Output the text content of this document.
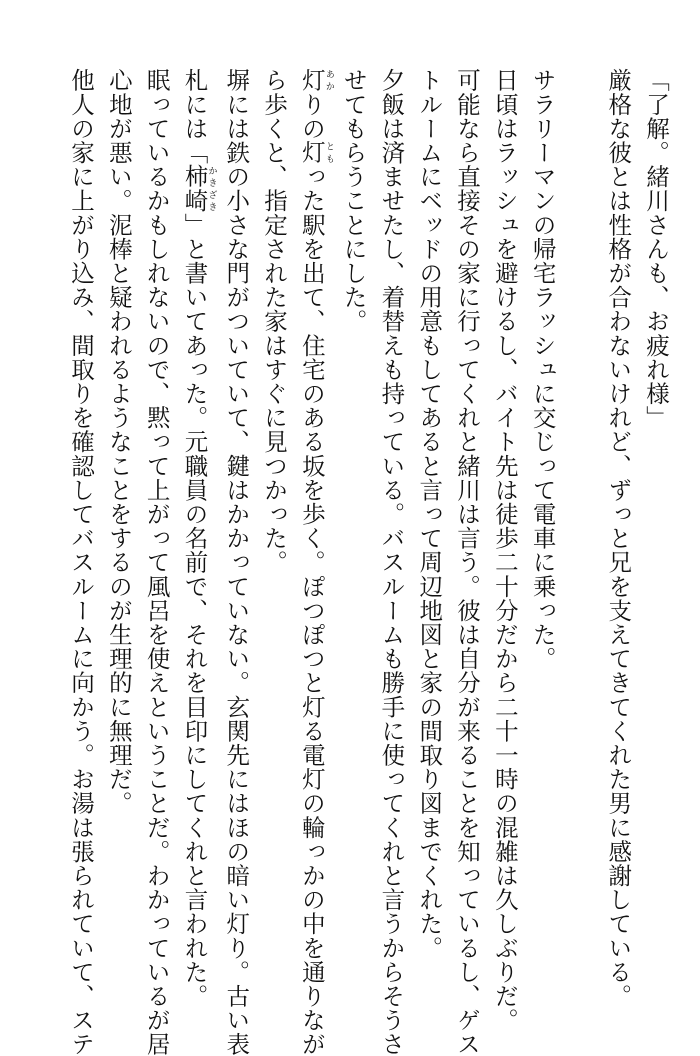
「了解。緒川さんも、お疲れ様」
厳格な彼とは性格が合わないけれど、ずっと兄を支えてきてくれた男に感謝している。
サラリーマンの帰宅ラッシュに交じって電車に乗った。
日頃はラッシュを避けるし、バイト先は徒歩二十分だから二十一時の混雑は久しぶりだ。
可能なら直接その家に行ってくれと緒川は言う。彼は自分が来ることを知っているし、ゲス
トルームにベッドの用意もしてあると言って周辺地図と家の間取り図までくれた。
夕飯は済ませたし、着替えも持っている。バスルームも勝手に使ってくれと言うからそうさ
せてもらうことにした。
灯あかりの灯ともった駅を出て、住宅のある坂を歩く。ぽつぽつと灯る電灯の輪っかの中を通りなが
ら歩くと、指定された家はすぐに見つかった。
塀には鉄の小さな門がついていて、鍵はかかっていない。玄関先にはほの暗い灯り。古い表
札には「柿崎かきざき」と書いてあった。元職員の名前で、それを目印にしてくれと言われた。
眠っているかもしれないので、黙って上がって風呂を使えということだ。わかっているが居
心地が悪い。泥棒と疑われるようなことをするのが生理的に無理だ。
他人の家に上がり込み、間取りを確認してバスルームに向かう。お湯は張られていて、ステ
